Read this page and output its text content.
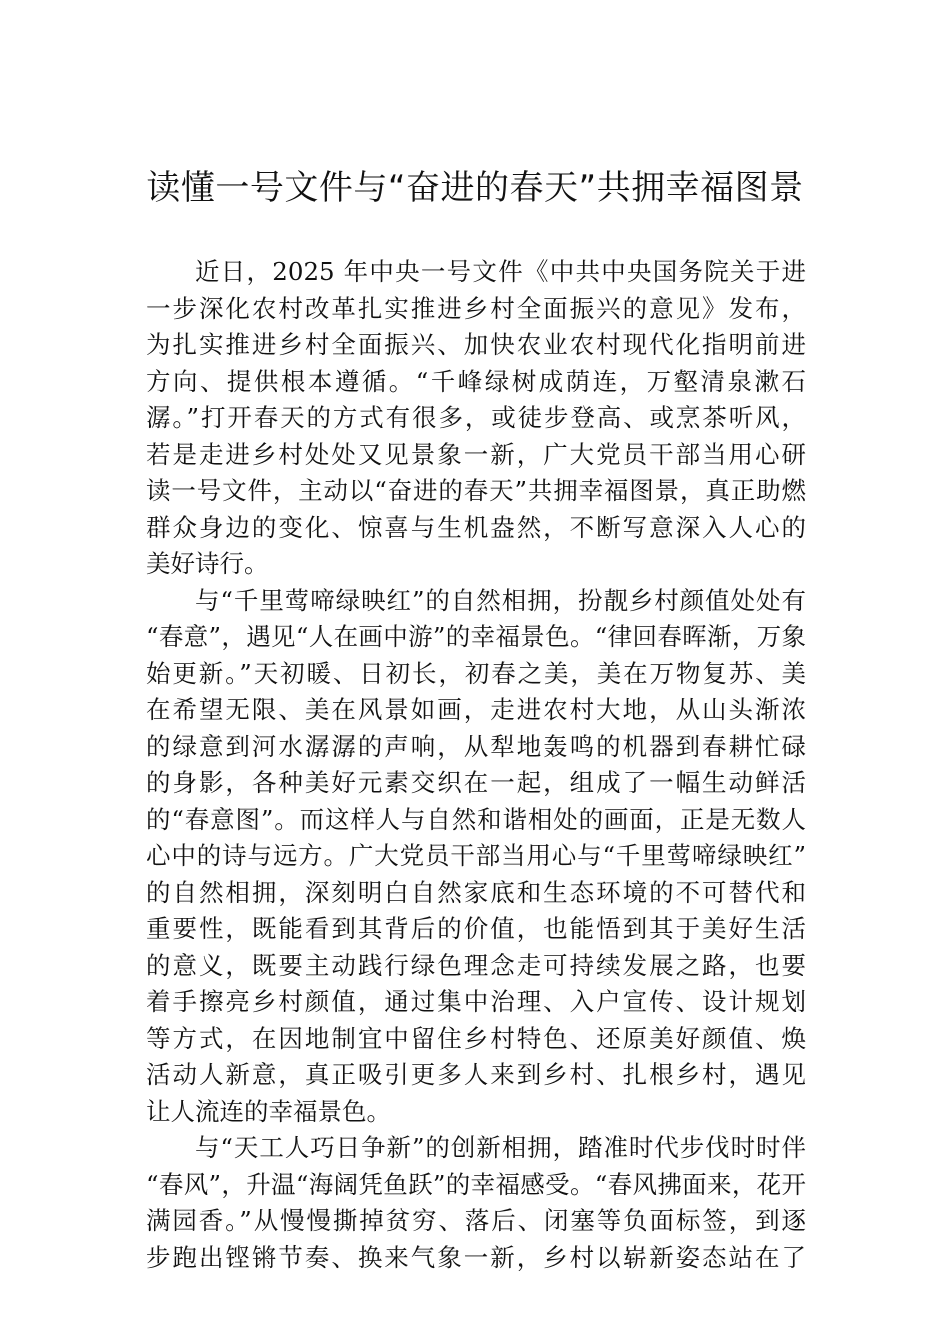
读懂一号文件与“奋进的春天”共拥幸福图景

近日，2025 年中央一号文件《中共中央国务院关于进
一步深化农村改革扎实推进乡村全面振兴的意见》发布，
为扎实推进乡村全面振兴、加快农业农村现代化指明前进
方向、提供根本遵循。“千峰绿树成荫连，万壑清泉漱石
潺。”打开春天的方式有很多，或徒步登高、或烹茶听风，
若是走进乡村处处又见景象一新，广大党员干部当用心研
读一号文件，主动以“奋进的春天”共拥幸福图景，真正助燃
群众身边的变化、惊喜与生机盎然，不断写意深入人心的
美好诗行。

与“千里莺啼绿映红”的自然相拥，扮靓乡村颜值处处有
“春意”，遇见“人在画中游”的幸福景色。“律回春晖渐，万象
始更新。”天初暖、日初长，初春之美，美在万物复苏、美
在希望无限、美在风景如画，走进农村大地，从山头渐浓
的绿意到河水潺潺的声响，从犁地轰鸣的机器到春耕忙碌
的身影，各种美好元素交织在一起，组成了一幅生动鲜活
的“春意图”。而这样人与自然和谐相处的画面，正是无数人
心中的诗与远方。广大党员干部当用心与“千里莺啼绿映红”
的自然相拥，深刻明白自然家底和生态环境的不可替代和
重要性，既能看到其背后的价值，也能悟到其于美好生活
的意义，既要主动践行绿色理念走可持续发展之路，也要
着手擦亮乡村颜值，通过集中治理、入户宣传、设计规划
等方式，在因地制宜中留住乡村特色、还原美好颜值、焕
活动人新意，真正吸引更多人来到乡村、扎根乡村，遇见
让人流连的幸福景色。

与“天工人巧日争新”的创新相拥，踏准时代步伐时时伴
“春风”，升温“海阔凭鱼跃”的幸福感受。“春风拂面来，花开
满园香。”从慢慢撕掉贫穷、落后、闭塞等负面标签，到逐
步跑出铿锵节奏、换来气象一新，乡村以崭新姿态站在了
